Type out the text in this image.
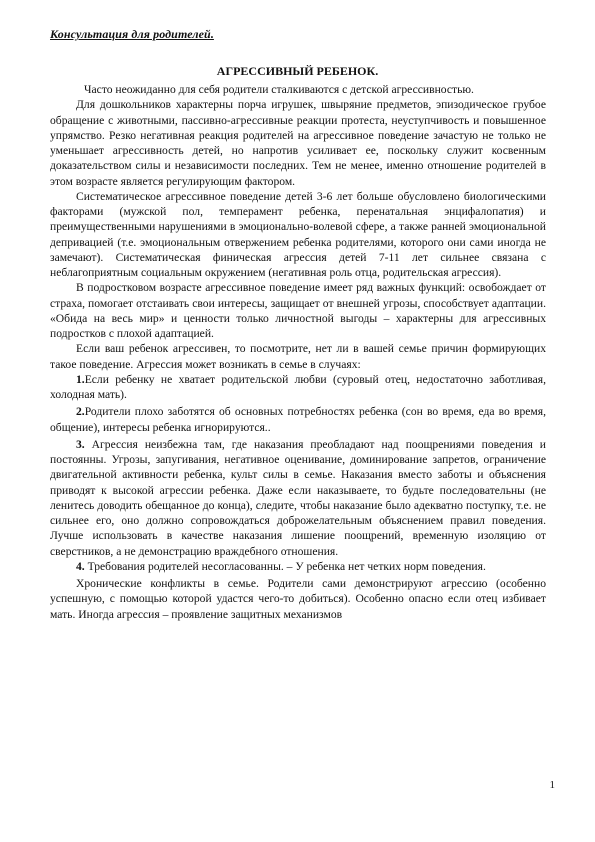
Консультация для родителей.
АГРЕССИВНЫЙ РЕБЕНОК.

Часто неожиданно для себя родители сталкиваются с детской агрессивностью.

Для дошкольников характерны порча игрушек, швыряние предметов, эпизодическое грубое обращение с животными, пассивно-агрессивные реакции протеста, неуступчивость и повышенное упрямство. Резко негативная реакция родителей на агрессивное поведение зачастую не только не уменьшает агрессивность детей, но напротив усиливает ее, поскольку служит косвенным доказательством силы и независимости последних. Тем не менее, именно отношение родителей в этом возрасте является регулирующим фактором.

Систематическое агрессивное поведение детей 3-6 лет больше обусловлено биологическими факторами (мужской пол, темперамент ребенка, перенатальная энцифалопатия) и преимущественными нарушениями в эмоционально-волевой сфере, а также ранней эмоциональной депривацией (т.е. эмоциональным отвержением ребенка родителями, которого они сами иногда не замечают). Систематическая финическая агрессия детей 7-11 лет сильнее связана с неблагоприятным социальным окружением (негативная роль отца, родительская агрессия).

В подростковом возрасте агрессивное поведение имеет ряд важных функций: освобождает от страха, помогает отстаивать свои интересы, защищает от внешней угрозы, способствует адаптации. «Обида на весь мир» и ценности только личностной выгоды – характерны для агрессивных подростков с плохой адаптацией.

Если ваш ребенок агрессивен, то посмотрите, нет ли в вашей семье причин формирующих такое поведение. Агрессия может возникать в семье в случаях:

1.Если ребенку не хватает родительской любви (суровый отец, недостаточно заботливая, холодная мать).

2.Родители плохо заботятся об основных потребностях ребенка (сон во время, еда во время, общение), интересы ребенка игнорируются..

3. Агрессия неизбежна там, где наказания преобладают над поощрениями поведения и постоянны. Угрозы, запугивания, негативное оценивание, доминирование запретов, ограничение двигательной активности ребенка, культ силы в семье. Наказания вместо заботы и объяснения приводят к высокой агрессии ребенка. Даже если наказываете, то будьте последовательны (не ленитесь доводить обещанное до конца), следите, чтобы наказание было адекватно поступку, т.е. не сильнее его, оно должно сопровождаться доброжелательным объяснением правил поведения. Лучше использовать в качестве наказания лишение поощрений, временную изоляцию от сверстников, а не демонстрацию враждебного отношения.

4. Требования родителей несогласованны. – У ребенка нет четких норм поведения.

Хронические конфликты в семье. Родители сами демонстрируют агрессию (особенно успешную, с помощью которой удастся чего-то добиться). Особенно опасно если отец избивает мать. Иногда агрессия – проявление защитных механизмов

1
